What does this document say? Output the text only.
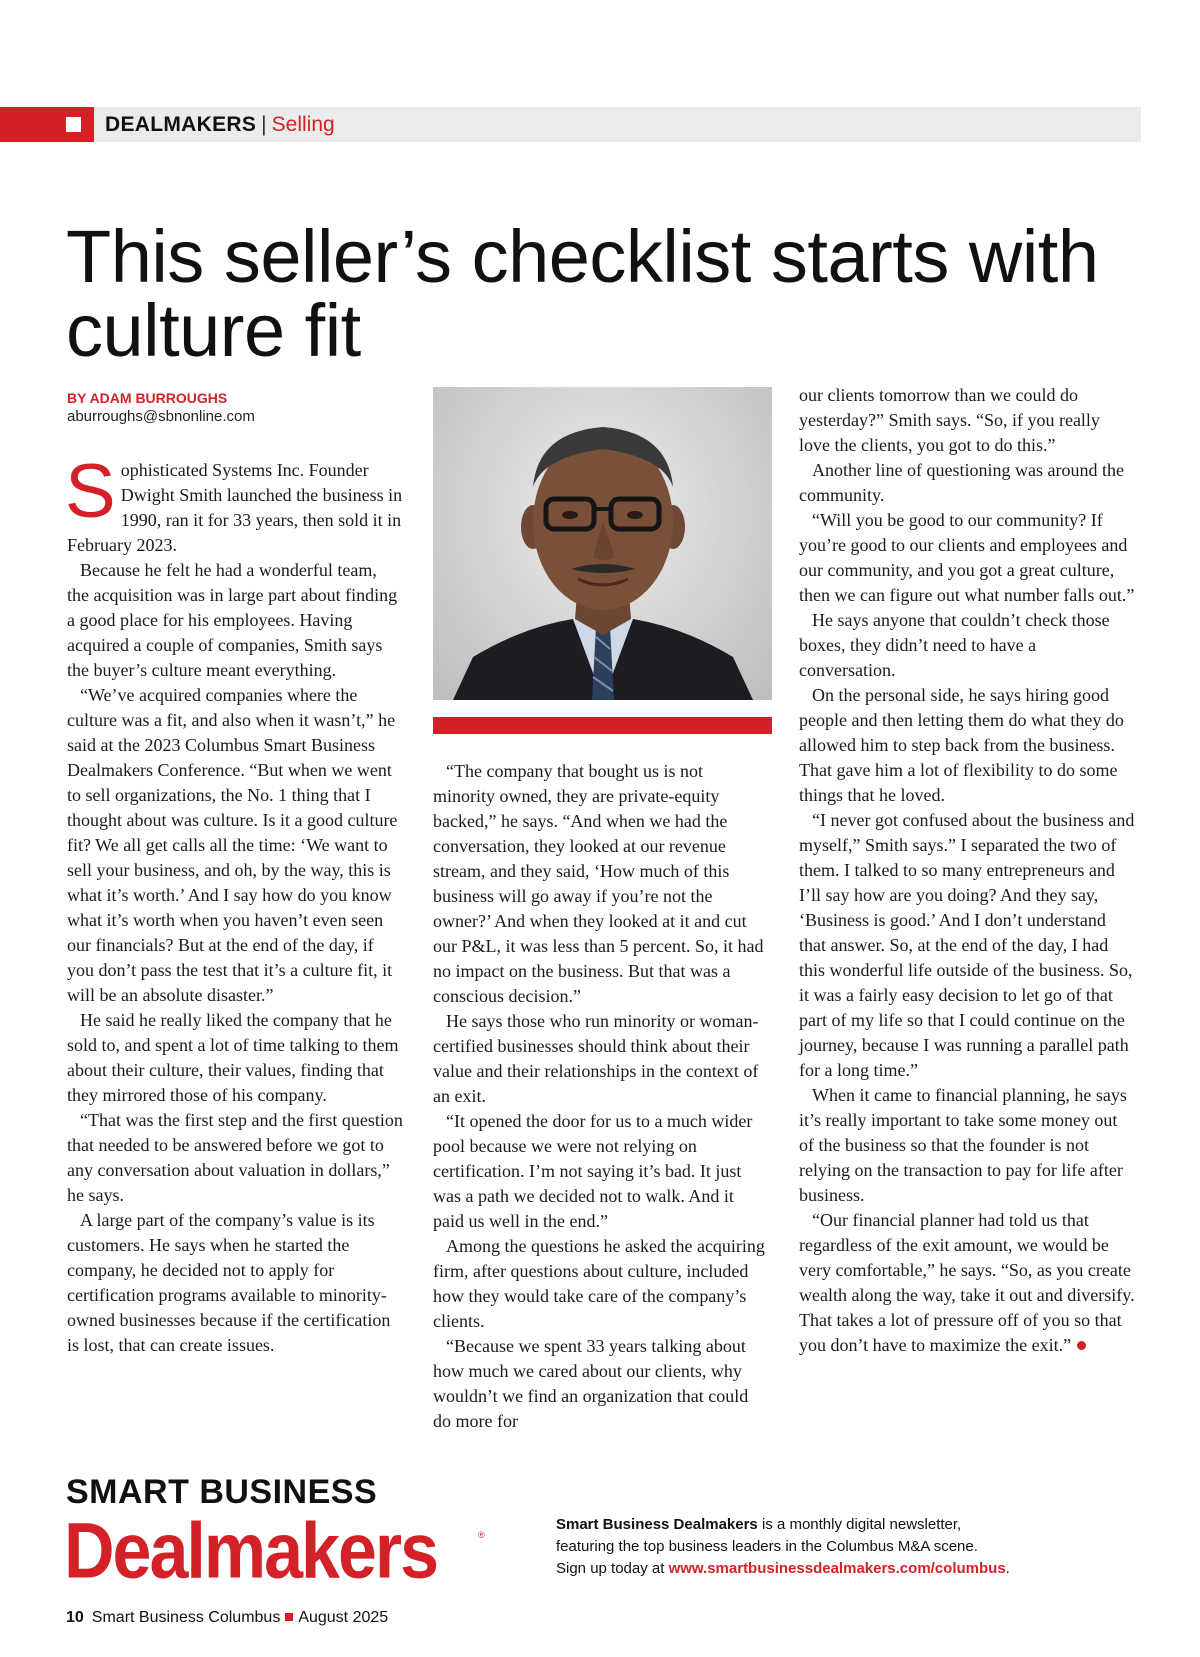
DEALMAKERS | Selling
This seller’s checklist starts with culture fit

BY ADAM BURROUGHS

aburroughs@sbnonline.com

Sophisticated Systems Inc. Founder Dwight Smith launched the business in 1990, ran it for 33 years, then sold it in February 2023.

Because he felt he had a wonderful team, the acquisition was in large part about finding a good place for his employees. Having acquired a couple of companies, Smith says the buyer’s culture meant everything.

“We’ve acquired companies where the culture was a fit, and also when it wasn’t,” he said at the 2023 Columbus Smart Business Dealmakers Conference. “But when we went to sell organizations, the No. 1 thing that I thought about was culture. Is it a good culture fit? We all get calls all the time: ‘We want to sell your business, and oh, by the way, this is what it’s worth.’ And I say how do you know what it’s worth when you haven’t even seen our financials? But at the end of the day, if you don’t pass the test that it’s a culture fit, it will be an absolute disaster.”

He said he really liked the company that he sold to, and spent a lot of time talking to them about their culture, their values, finding that they mirrored those of his company.

“That was the first step and the first question that needed to be answered before we got to any conversation about valuation in dollars,” he says.

A large part of the company’s value is its customers. He says when he started the company, he decided not to apply for certification programs available to minority-owned businesses because if the certification is lost, that can create issues.

“The company that bought us is not minority owned, they are private-equity backed,” he says. “And when we had the conversation, they looked at our revenue stream, and they said, ‘How much of this business will go away if you’re not the owner?’ And when they looked at it and cut our P&L, it was less than 5 percent. So, it had no impact on the business. But that was a conscious decision.”

He says those who run minority or woman-certified businesses should think about their value and their relationships in the context of an exit.

“It opened the door for us to a much wider pool because we were not relying on certification. I’m not saying it’s bad. It just was a path we decided not to walk. And it paid us well in the end.”

Among the questions he asked the acquiring firm, after questions about culture, included how they would take care of the company’s clients.

“Because we spent 33 years talking about how much we cared about our clients, why wouldn’t we find an organization that could do more for

our clients tomorrow than we could do yesterday?” Smith says. “So, if you really love the clients, you got to do this.”

Another line of questioning was around the community.

“Will you be good to our community? If you’re good to our clients and employees and our community, and you got a great culture, then we can figure out what number falls out.”

He says anyone that couldn’t check those boxes, they didn’t need to have a conversation.

On the personal side, he says hiring good people and then letting them do what they do allowed him to step back from the business. That gave him a lot of flexibility to do some things that he loved.

“I never got confused about the business and myself,” Smith says.” I separated the two of them. I talked to so many entrepreneurs and I’ll say how are you doing? And they say, ‘Business is good.’ And I don’t understand that answer. So, at the end of the day, I had this wonderful life outside of the business. So, it was a fairly easy decision to let go of that part of my life so that I could continue on the journey, because I was running a parallel path for a long time.”

When it came to financial planning, he says it’s really important to take some money out of the business so that the founder is not relying on the transaction to pay for life after business.

“Our financial planner had told us that regardless of the exit amount, we would be very comfortable,” he says. “So, as you create wealth along the way, take it out and diversify. That takes a lot of pressure off of you so that you don’t have to maximize the exit.”

SMART BUSINESS

Dealmakers	®
Smart Business Dealmakers is a monthly digital newsletter,
featuring the top business leaders in the Columbus M&A scene.
Sign up today at www.smartbusinessdealmakers.com/columbus.
10 Smart Business Columbus August 2025
